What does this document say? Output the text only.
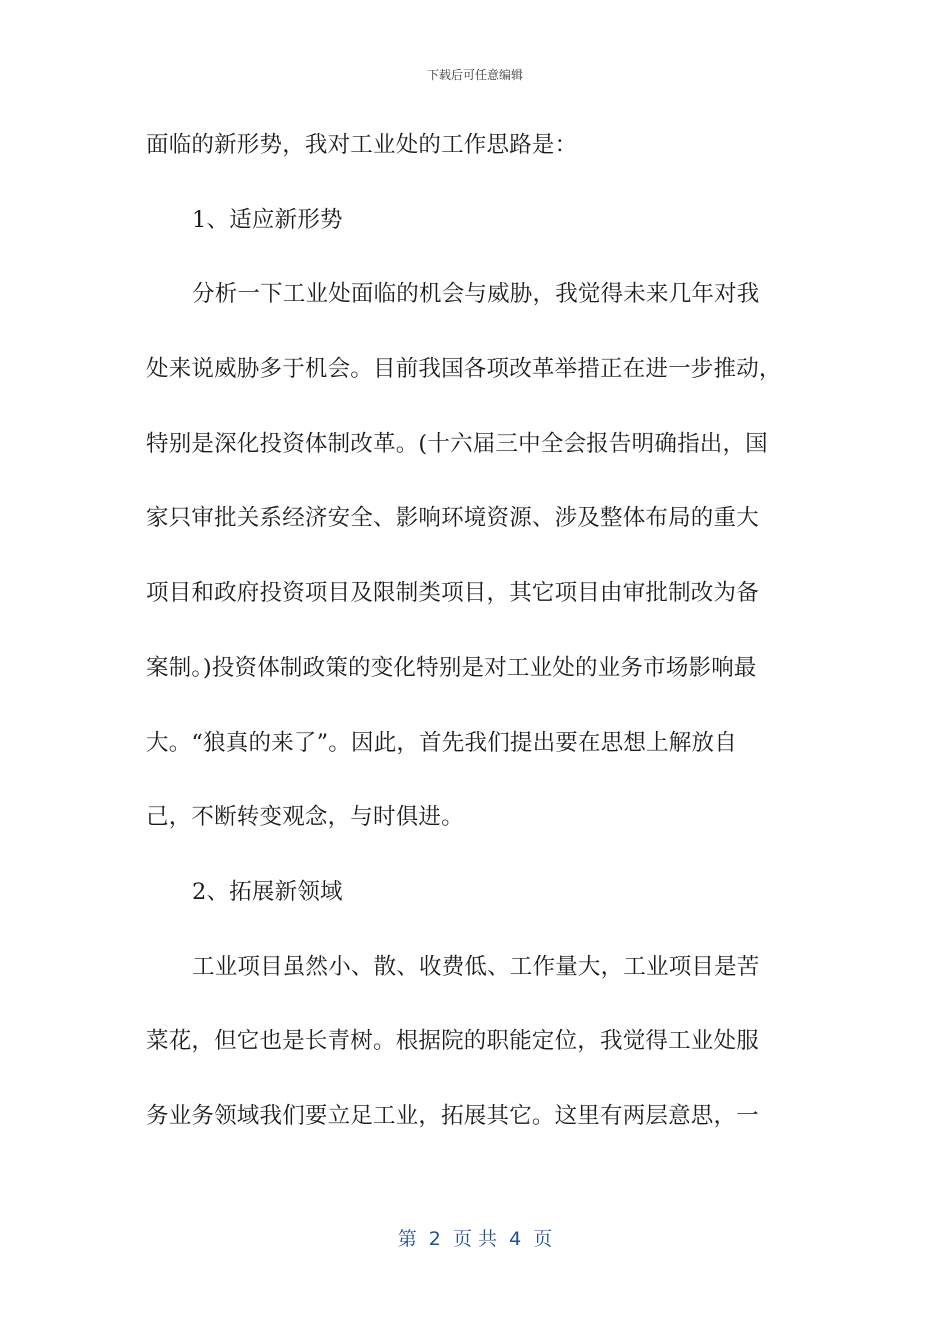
下载后可任意编辑
面临的新形势，我对工业处的工作思路是：
1、适应新形势
分析一下工业处面临的机会与威胁，我觉得未来几年对我
处来说威胁多于机会。目前我国各项改革举措正在进一步推动，
特别是深化投资体制改革。(十六届三中全会报告明确指出，国
家只审批关系经济安全、影响环境资源、涉及整体布局的重大
项目和政府投资项目及限制类项目，其它项目由审批制改为备
案制。)投资体制政策的变化特别是对工业处的业务市场影响最
大。“狼真的来了”。因此，首先我们提出要在思想上解放自
己，不断转变观念，与时俱进。
2、拓展新领域
工业项目虽然小、散、收费低、工作量大，工业项目是苦
菜花，但它也是长青树。根据院的职能定位，我觉得工业处服
务业务领域我们要立足工业，拓展其它。这里有两层意思，一
第  2  页 共  4  页
